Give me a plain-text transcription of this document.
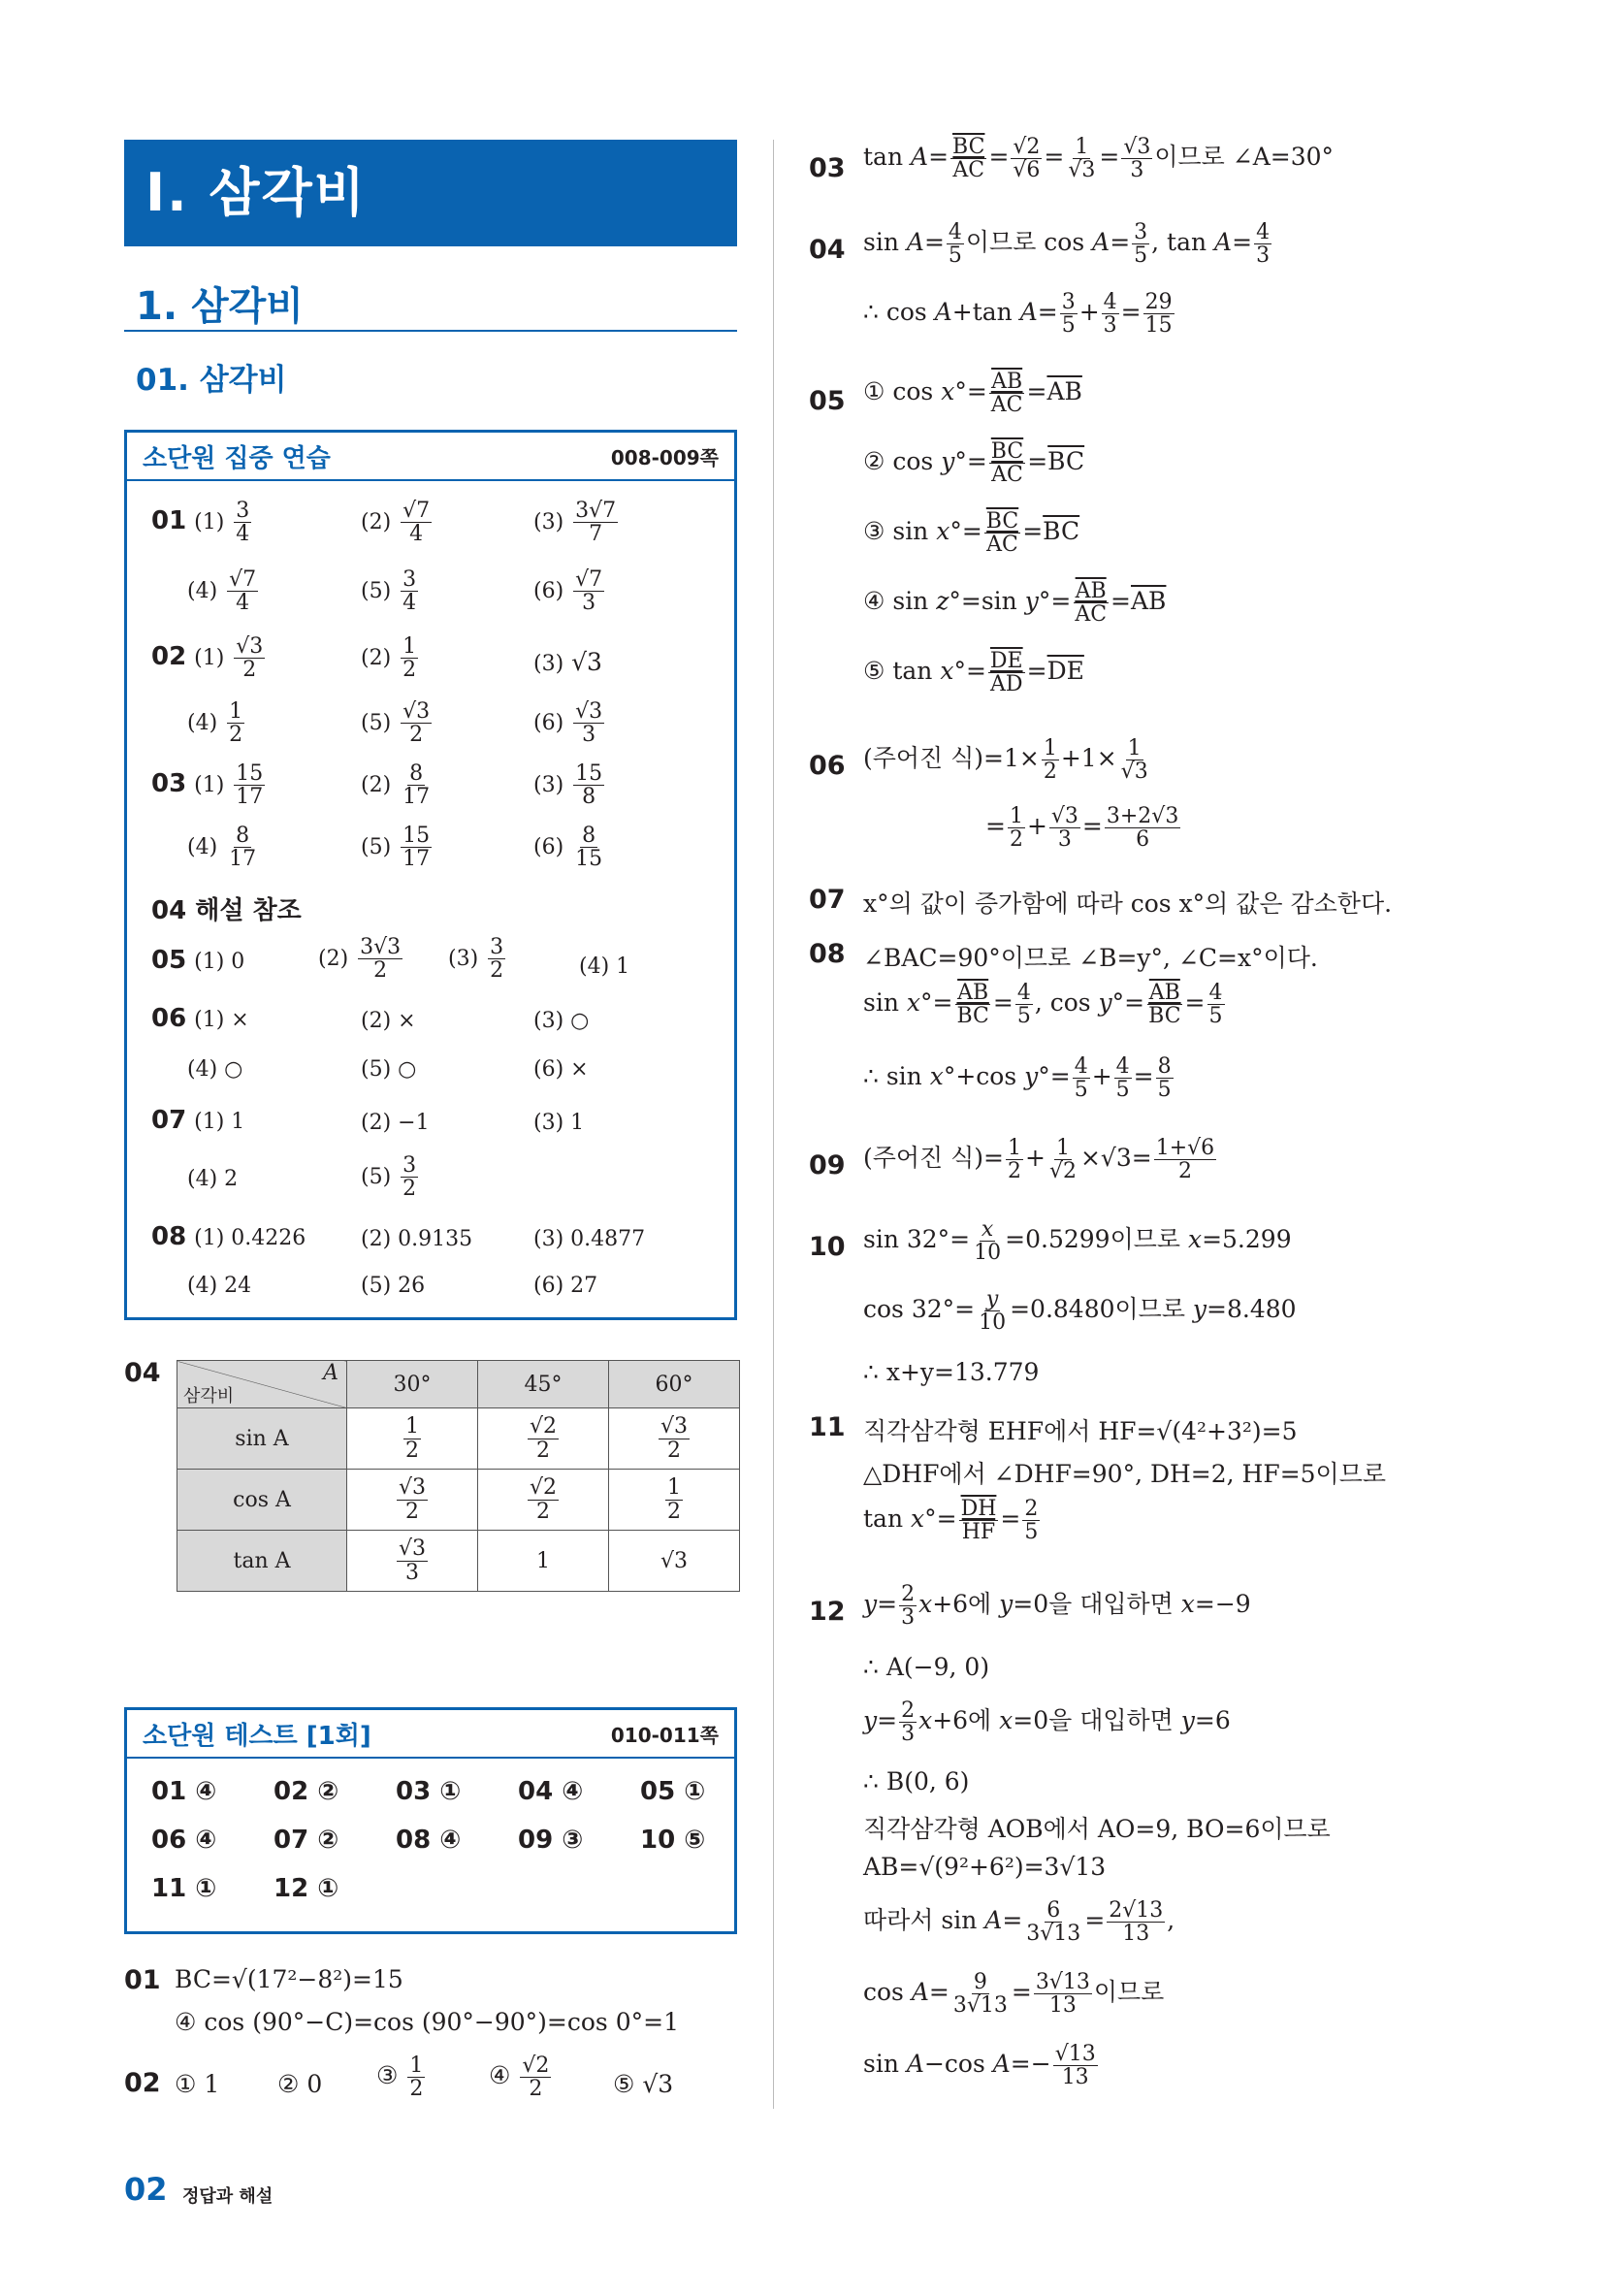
Ⅰ. 삼각비
1. 삼각비
01. 삼각비
소단원 집중 연습	008-009쪽
01 $(1) \frac{3}{4}$	$(2) \frac{√7}{4}$	$(3) \frac{3√7}{7}$
$(4) \frac{√7}{4}$	$(5) \frac{3}{4}$	$(6) \frac{√7}{3}$
02 $(1) \frac{√3}{2}$	$(2) \frac{1}{2}$	(3) √3
$(4) \frac{1}{2}$	$(5) \frac{√3}{2}$	$(6) \frac{√3}{3}$
03 $(1) \frac{15}{17}$	$(2) \frac{8}{17}$	$(3) \frac{15}{8}$
$(4) \frac{8}{17}$	$(5) \frac{15}{17}$	$(6) \frac{8}{15}$
04 해설 참조
05 (1) 0	$(2) \frac{3√3}{2} (3) \frac{3}{2}$	(4) 1
06 (1) ×	(2) ×	(3) ○
(4) ○	(5) ○	(6) ×
07 (1) 1	(2) −1	(3) 1
(4) 2	$(5) \frac{3}{2}$
08 (1) 0.4226	(2) 0.9135	(3) 0.4877
(4) 24	(5) 26	(6) 27
04	A
삼각비	30°	45°	60°
sin A	$\frac{1}{2}$	$\frac{√2}{2}$	$\frac{√3}{2}$

cos A	$\frac{√3}{2}$	$\frac{√2}{2}$	$\frac{1}{2}$

tan A	$\frac{√3}{3}$	1	√3
소단원 테스트 [1회]	010-011쪽
01 ④ 02 ② 03 ① 04 ④ 05 ①
06 ④ 07 ② 08 ④ 09 ③ 10 ⑤
11 ① 12 ①
01 BC=√(17²−8²)=15
④ cos (90°−C)=cos (90°−90°)=cos 0°=1
02 ① 1 ② 0 ③ $\frac{1}{2}$	④ $\frac{√2}{2}$	⑤ √3
03 $\tan A= \frac{\overline{BC}}{AC} = \frac{√2}{√6} = \frac{1}{√3} = \frac{√3}{3}$ 이므로 ∠A=30°
04 $\sin A= \frac{4}{5}$ 이므로 $\cos A= \frac{3}{5}$ , $\tan A= \frac{4}{3}$
∴ cos A+tan $A= \frac{3}{5} + \frac{4}{3} = \frac{29}{15}$
05 ① $\cos x^\circ= \frac{\overline{AB}}{AC} =\overline{AB}$
② $\cos y^\circ= \frac{\overline{BC}}{AC} =\overline{BC}$
③ $\sin x^\circ= \frac{\overline{BC}}{AC} =\overline{BC}$
④ sin z°=sin $y^\circ= \frac{\overline{AB}}{AC} =\overline{AB}$
⑤ $\tan x^\circ= \frac{\overline{DE}}{AD} =\overline{DE}$
06 (주어진 식)$=1\times \frac{1}{2} +1\times \frac{1}{√3}$
= $\frac{1}{2} + \frac{√3}{3} = \frac{3+2√3}{6}$
07 x°의 값이 증가함에 따라 cos x°의 값은 감소한다.
08 ∠BAC=90°이므로 ∠B=y°, ∠C=x°이다.
$\sin x^\circ= \frac{\overline{AB}}{BC} = \frac{4}{5}$ , $\cos y^\circ= \frac{\overline{AB}}{BC} = \frac{4}{5}$
∴ sin x°+cos $y^\circ= \frac{4}{5} + \frac{4}{5} = \frac{8}{5}$
09 (주어진 식)= $\frac{1}{2} + \frac{1}{√2} \times√3= \frac{1+√6}{2}$
10 $\sin 32^\circ= \frac{x}{10} =0.5299$이므로 x=5.299
$\cos 32^\circ= \frac{y}{10} =0.8480$이므로 y=8.480
∴ x+y=13.779
11 직각삼각형 EHF에서 HF=√(4²+3²)=5
△DHF에서 ∠DHF=90°, DH=2, HF=5이므로
$\tan x^\circ= \frac{\overline{DH}}{HF} = \frac{2}{5}$
12 $y= \frac{2}{3} x+6$에 y=0을 대입하면 x=−9
∴ A(−9, 0)
$y= \frac{2}{3} x+6$에 x=0을 대입하면 y=6
∴ B(0, 6)
직각삼각형 AOB에서 AO=9, BO=6이므로
AB=√(9²+6²)=3√13
따라서 $\sin A= \frac{6}{3√13} = \frac{2√13}{13}$ ,
$\cos A= \frac{9}{3√13} = \frac{3√13}{13}$ 이므로
sin A−cos $A=- \frac{√13}{13}$
02 정답과 해설
